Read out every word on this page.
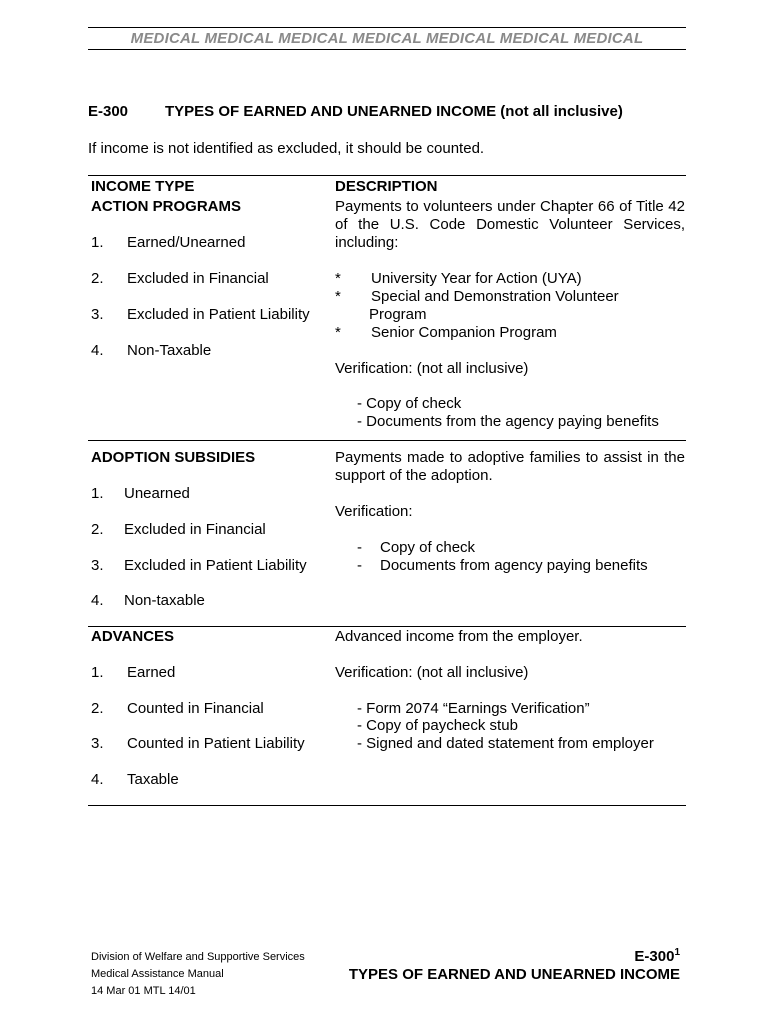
MEDICAL MEDICAL MEDICAL MEDICAL MEDICAL MEDICAL MEDICAL
E-300 TYPES OF EARNED AND UNEARNED INCOME (not all inclusive)
If income is not identified as excluded, it should be counted.
INCOME TYPE	DESCRIPTION
ACTION PROGRAMS
1. Earned/Unearned
2. Excluded in Financial
3. Excluded in Patient Liability
4. Non-Taxable
Payments to volunteers under Chapter 66 of Title 42 of the U.S. Code Domestic Volunteer Services, including:
* University Year for Action (UYA)
* Special and Demonstration Volunteer
Program
* Senior Companion Program
Verification: (not all inclusive)
- Copy of check
- Documents from the agency paying benefits
ADOPTION SUBSIDIES
1. Unearned
2. Excluded in Financial
3. Excluded in Patient Liability
4. Non-taxable
Payments made to adoptive families to assist in the support of the adoption.
Verification:
- Copy of check
- Documents from agency paying benefits
ADVANCES
1. Earned
2. Counted in Financial
3. Counted in Patient Liability
4. Taxable
Advanced income from the employer.
Verification: (not all inclusive)
- Form 2074 “Earnings Verification”
- Copy of paycheck stub
- Signed and dated statement from employer
Division of Welfare and Supportive Services
Medical Assistance Manual
14 Mar 01 MTL 14/01
$E-300^1$
TYPES OF EARNED AND UNEARNED INCOME
